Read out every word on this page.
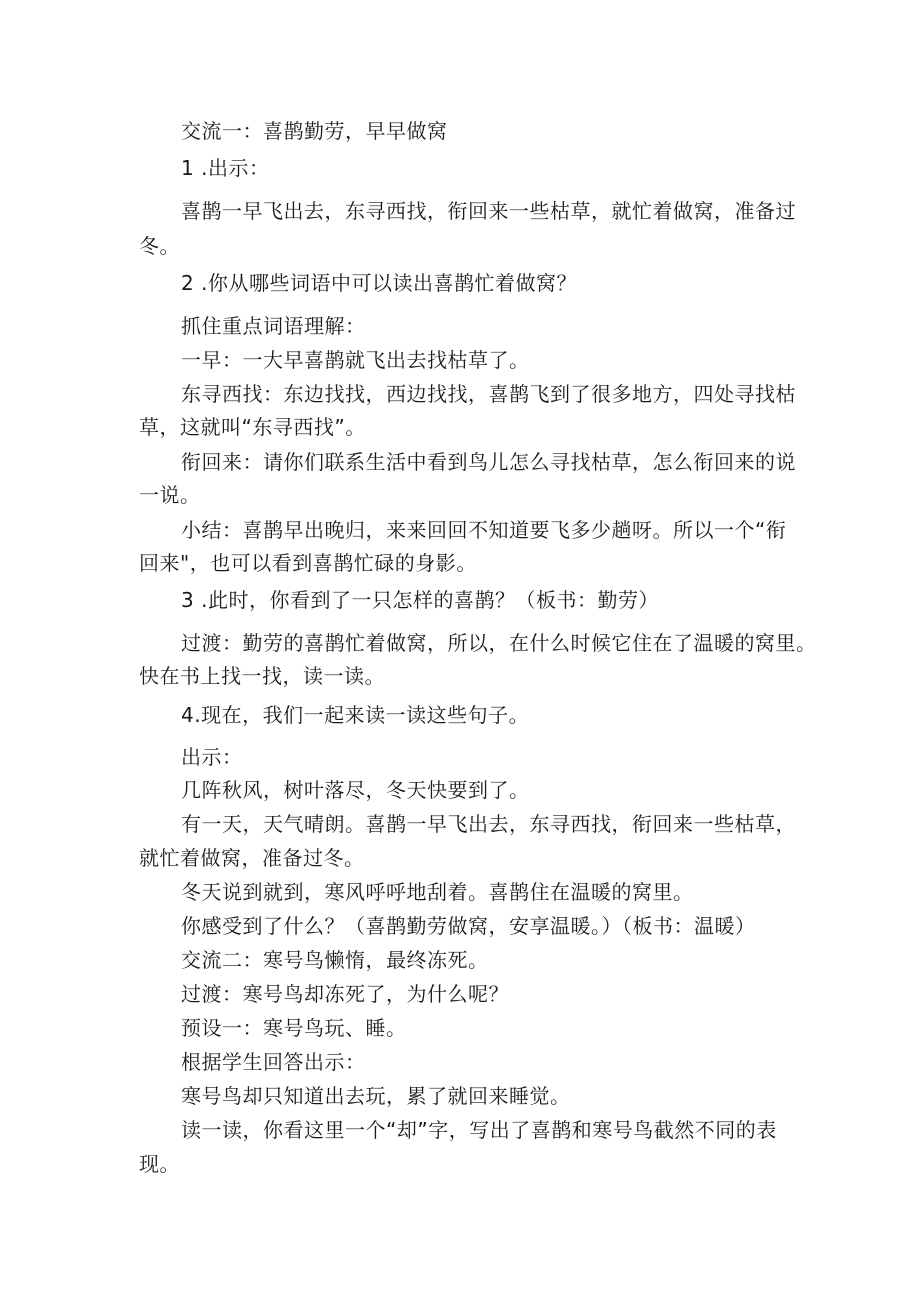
交流一：喜鹊勤劳，早早做窝
1 .出示：
喜鹊一早飞出去，东寻西找，衔回来一些枯草，就忙着做窝，准备过
冬。
2 .你从哪些词语中可以读出喜鹊忙着做窝？
抓住重点词语理解：
一早：一大早喜鹊就飞出去找枯草了。
东寻西找：东边找找，西边找找，喜鹊飞到了很多地方，四处寻找枯
草，这就叫“东寻西找”。
衔回来：请你们联系生活中看到鸟儿怎么寻找枯草，怎么衔回来的说
一说。
小结：喜鹊早出晚归，来来回回不知道要飞多少趟呀。所以一个“衔
回来"，也可以看到喜鹊忙碌的身影。
3 .此时，你看到了一只怎样的喜鹊？（板书：勤劳）
过渡：勤劳的喜鹊忙着做窝，所以，在什么时候它住在了温暖的窝里。
快在书上找一找，读一读。
4.现在，我们一起来读一读这些句子。
出示：
几阵秋风，树叶落尽，冬天快要到了。
有一天，天气晴朗。喜鹊一早飞出去，东寻西找，衔回来一些枯草，
就忙着做窝，准备过冬。
冬天说到就到，寒风呼呼地刮着。喜鹊住在温暖的窝里。
你感受到了什么？（喜鹊勤劳做窝，安享温暖。）（板书：温暖）
交流二：寒号鸟懒惰，最终冻死。
过渡：寒号鸟却冻死了，为什么呢？
预设一：寒号鸟玩、睡。
根据学生回答出示：
寒号鸟却只知道出去玩，累了就回来睡觉。
读一读，你看这里一个“却”字，写出了喜鹊和寒号鸟截然不同的表
现。
